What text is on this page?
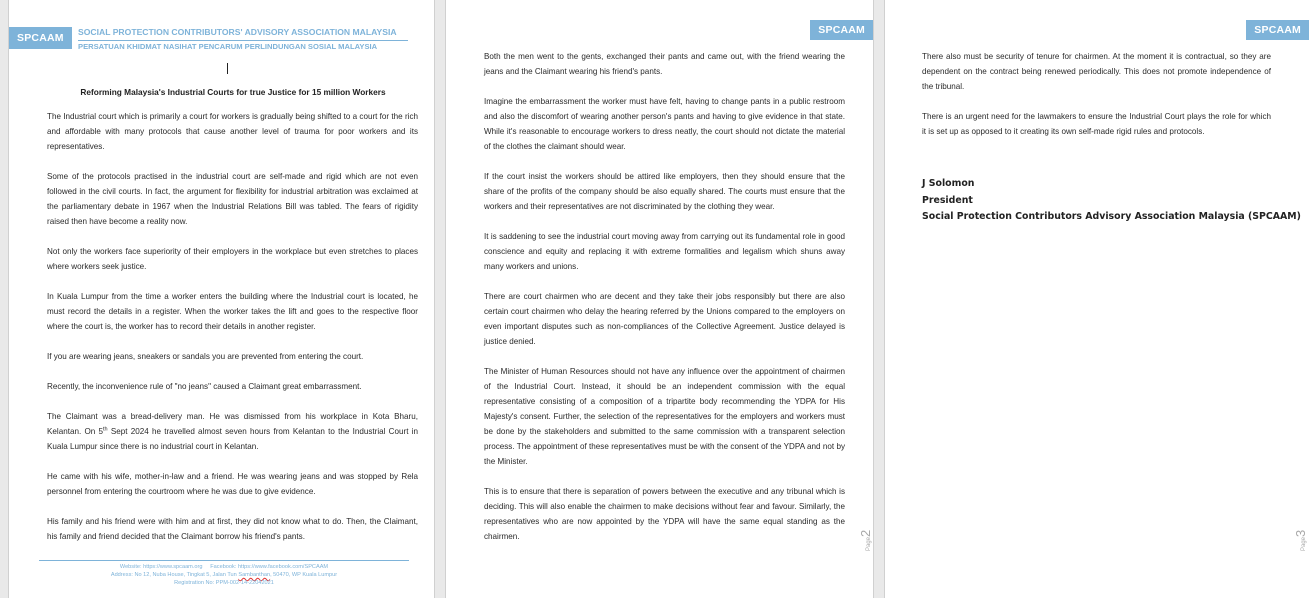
SPCAAM	SOCIAL PROTECTION CONTRIBUTORS' ADVISORY ASSOCIATION MALAYSIA
PERSATUAN KHIDMAT NASIHAT PENCARUM PERLINDUNGAN SOSIAL MALAYSIA
Reforming Malaysia's Industrial Courts for true Justice for 15 million Workers

The Industrial court which is primarily a court for workers is gradually being shifted to a court for the rich and affordable with many protocols that cause another level of trauma for poor workers and its representatives.

Some of the protocols practised in the industrial court are self-made and rigid which are not even followed in the civil courts. In fact, the argument for flexibility for industrial arbitration was exclaimed at the parliamentary debate in 1967 when the Industrial Relations Bill was tabled. The fears of rigidity raised then have become a reality now.

Not only the workers face superiority of their employers in the workplace but even stretches to places where workers seek justice.

In Kuala Lumpur from the time a worker enters the building where the Industrial court is located, he must record the details in a register. When the worker takes the lift and goes to the respective floor where the court is, the worker has to record their details in another register.

If you are wearing jeans, sneakers or sandals you are prevented from entering the court.

Recently, the inconvenience rule of "no jeans" caused a Claimant great embarrassment.

The Claimant was a bread-delivery man. He was dismissed from his workplace in Kota Bharu, Kelantan. On 5th Sept 2024 he travelled almost seven hours from Kelantan to the Industrial Court in Kuala Lumpur since there is no industrial court in Kelantan.

He came with his wife, mother-in-law and a friend. He was wearing jeans and was stopped by Rela personnel from entering the courtroom where he was due to give evidence.

His family and his friend were with him and at first, they did not know what to do. Then, the Claimant, his family and friend decided that the Claimant borrow his friend's pants.

Website: https://www.spcaam.org Facebook: https://www.facebook.com/SPCAAM
Address: No 12, Nuba House, Tingkat 5, Jalan Tun Sambanthan, 50470, WP Kuala Lumpur
Registration No: PPM-002-14-22042021
SPCAAM

Both the men went to the gents, exchanged their pants and came out, with the friend wearing the jeans and the Claimant wearing his friend's pants.

Imagine the embarrassment the worker must have felt, having to change pants in a public restroom and also the discomfort of wearing another person's pants and having to give evidence in that state. While it's reasonable to encourage workers to dress neatly, the court should not dictate the material of the clothes the claimant should wear.

If the court insist the workers should be attired like employers, then they should ensure that the share of the profits of the company should be also equally shared. The courts must ensure that the workers and their representatives are not discriminated by the clothing they wear.

It is saddening to see the industrial court moving away from carrying out its fundamental role in good conscience and equity and replacing it with extreme formalities and legalism which shuns away many workers and unions.

There are court chairmen who are decent and they take their jobs responsibly but there are also certain court chairmen who delay the hearing referred by the Unions compared to the employers on even important disputes such as non-compliances of the Collective Agreement. Justice delayed is justice denied.

The Minister of Human Resources should not have any influence over the appointment of chairmen of the Industrial Court. Instead, it should be an independent commission with the equal representative consisting of a composition of a tripartite body recommending the YDPA for His Majesty's consent. Further, the selection of the representatives for the employers and workers must be done by the stakeholders and submitted to the same commission with a transparent selection process. The appointment of these representatives must be with the consent of the YDPA and not by the Minister.

This is to ensure that there is separation of powers between the executive and any tribunal which is deciding. This will also enable the chairmen to make decisions without fear and favour. Similarly, the representatives who are now appointed by the YDPA will have the same equal standing as the chairmen.

Page2
SPCAAM

There also must be security of tenure for chairmen. At the moment it is contractual, so they are dependent on the contract being renewed periodically. This does not promote independence of the tribunal.

There is an urgent need for the lawmakers to ensure the Industrial Court plays the role for which it is set up as opposed to it creating its own self-made rigid rules and protocols.

J Solomon
President
Social Protection Contributors Advisory Association Malaysia (SPCAAM)
Page3
